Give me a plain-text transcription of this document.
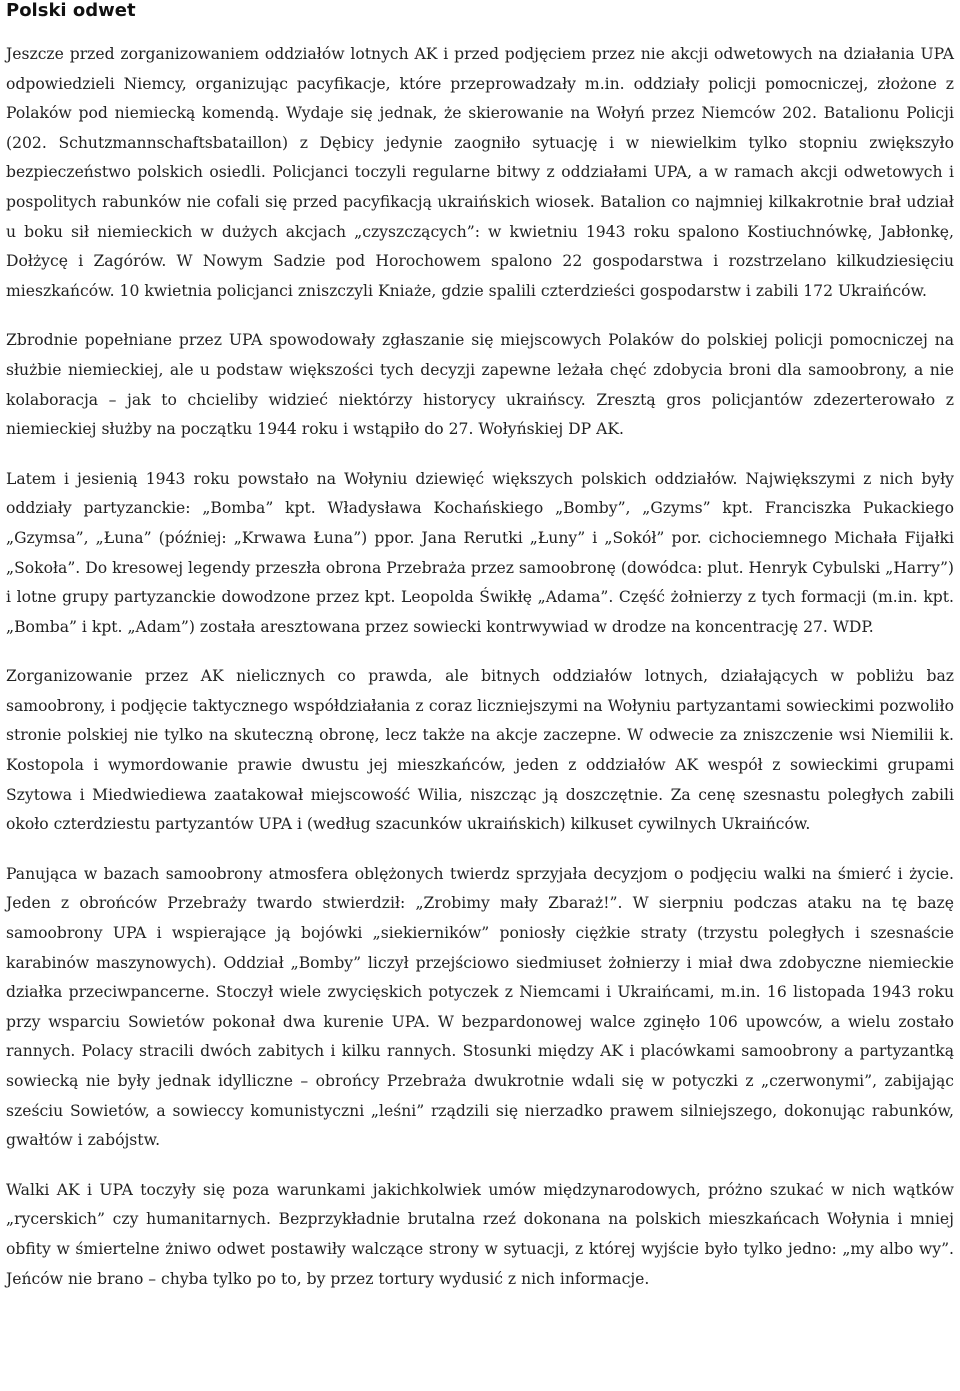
Polski odwet

Jeszcze przed zorganizowaniem oddziałów lotnych AK i przed podjęciem przez nie akcji odwetowych na działania UPA odpowiedzieli Niemcy, organizując pacyfikacje, które przeprowadzały m.in. oddziały policji pomocniczej, złożone z Polaków pod niemiecką komendą. Wydaje się jednak, że skierowanie na Wołyń przez Niemców 202. Batalionu Policji (202. Schutzmannschaftsbataillon) z Dębicy jedynie zaogniło sytuację i w niewielkim tylko stopniu zwiększyło bezpieczeństwo polskich osiedli. Policjanci toczyli regularne bitwy z oddziałami UPA, a w ramach akcji odwetowych i pospolitych rabunków nie cofali się przed pacyfikacją ukraińskich wiosek. Batalion co najmniej kilkakrotnie brał udział u boku sił niemieckich w dużych akcjach „czyszczących”: w kwietniu 1943 roku spalono Kostiuchnówkę, Jabłonkę, Dołżycę i Zagórów. W Nowym Sadzie pod Horochowem spalono 22 gospodarstwa i rozstrzelano kilkudziesięciu mieszkańców. 10 kwietnia policjanci zniszczyli Kniaże, gdzie spalili czterdzieści gospodarstw i zabili 172 Ukraińców.

Zbrodnie popełniane przez UPA spowodowały zgłaszanie się miejscowych Polaków do polskiej policji pomocniczej na służbie niemieckiej, ale u podstaw większości tych decyzji zapewne leżała chęć zdobycia broni dla samoobrony, a nie kolaboracja – jak to chcieliby widzieć niektórzy historycy ukraińscy. Zresztą gros policjantów zdezerterowało z niemieckiej służby na początku 1944 roku i wstąpiło do 27. Wołyńskiej DP AK.

Latem i jesienią 1943 roku powstało na Wołyniu dziewięć większych polskich oddziałów. Największymi z nich były oddziały partyzanckie: „Bomba” kpt. Władysława Kochańskiego „Bomby”, „Gzyms” kpt. Franciszka Pukackiego „Gzymsa”, „Łuna” (później: „Krwawa Łuna”) ppor. Jana Rerutki „Łuny” i „Sokół” por. cichociemnego Michała Fijałki „Sokoła”. Do kresowej legendy przeszła obrona Przebraża przez samoobronę (dowódca: plut. Henryk Cybulski „Harry”) i lotne grupy partyzanckie dowodzone przez kpt. Leopolda Świkłę „Adama”. Część żołnierzy z tych formacji (m.in. kpt. „Bomba” i kpt. „Adam”) została aresztowana przez sowiecki kontrwywiad w drodze na koncentrację 27. WDP.

Zorganizowanie przez AK nielicznych co prawda, ale bitnych oddziałów lotnych, działających w pobliżu baz samoobrony, i podjęcie taktycznego współdziałania z coraz liczniejszymi na Wołyniu partyzantami sowieckimi pozwoliło stronie polskiej nie tylko na skuteczną obronę, lecz także na akcje zaczepne. W odwecie za zniszczenie wsi Niemilii k. Kostopola i wymordowanie prawie dwustu jej mieszkańców, jeden z oddziałów AK wespół z sowieckimi grupami Szytowa i Miedwiediewa zaatakował miejscowość Wilia, niszcząc ją doszczętnie. Za cenę szesnastu poległych zabili około czterdziestu partyzantów UPA i (według szacunków ukraińskich) kilkuset cywilnych Ukraińców.

Panująca w bazach samoobrony atmosfera oblężonych twierdz sprzyjała decyzjom o podjęciu walki na śmierć i życie. Jeden z obrońców Przebraży twardo stwierdził: „Zrobimy mały Zbaraż!”. W sierpniu podczas ataku na tę bazę samoobrony UPA i wspierające ją bojówki „siekierników” poniosły ciężkie straty (trzystu poległych i szesnaście karabinów maszynowych). Oddział „Bomby” liczył przejściowo siedmiuset żołnierzy i miał dwa zdobyczne niemieckie działka przeciwpancerne. Stoczył wiele zwycięskich potyczek z Niemcami i Ukraińcami, m.in. 16 listopada 1943 roku przy wsparciu Sowietów pokonał dwa kurenie UPA. W bezpardonowej walce zginęło 106 upowców, a wielu zostało rannych. Polacy stracili dwóch zabitych i kilku rannych. Stosunki między AK i placówkami samoobrony a partyzantką sowiecką nie były jednak idylliczne – obrońcy Przebraża dwukrotnie wdali się w potyczki z „czerwonymi”, zabijając sześciu Sowietów, a sowieccy komunistyczni „leśni” rządzili się nierzadko prawem silniejszego, dokonując rabunków, gwałtów i zabójstw.

Walki AK i UPA toczyły się poza warunkami jakichkolwiek umów międzynarodowych, próżno szukać w nich wątków „rycerskich” czy humanitarnych. Bezprzykładnie brutalna rzeź dokonana na polskich mieszkańcach Wołynia i mniej obfity w śmiertelne żniwo odwet postawiły walczące strony w sytuacji, z której wyjście było tylko jedno: „my albo wy”. Jeńców nie brano – chyba tylko po to, by przez tortury wydusić z nich informacje.
